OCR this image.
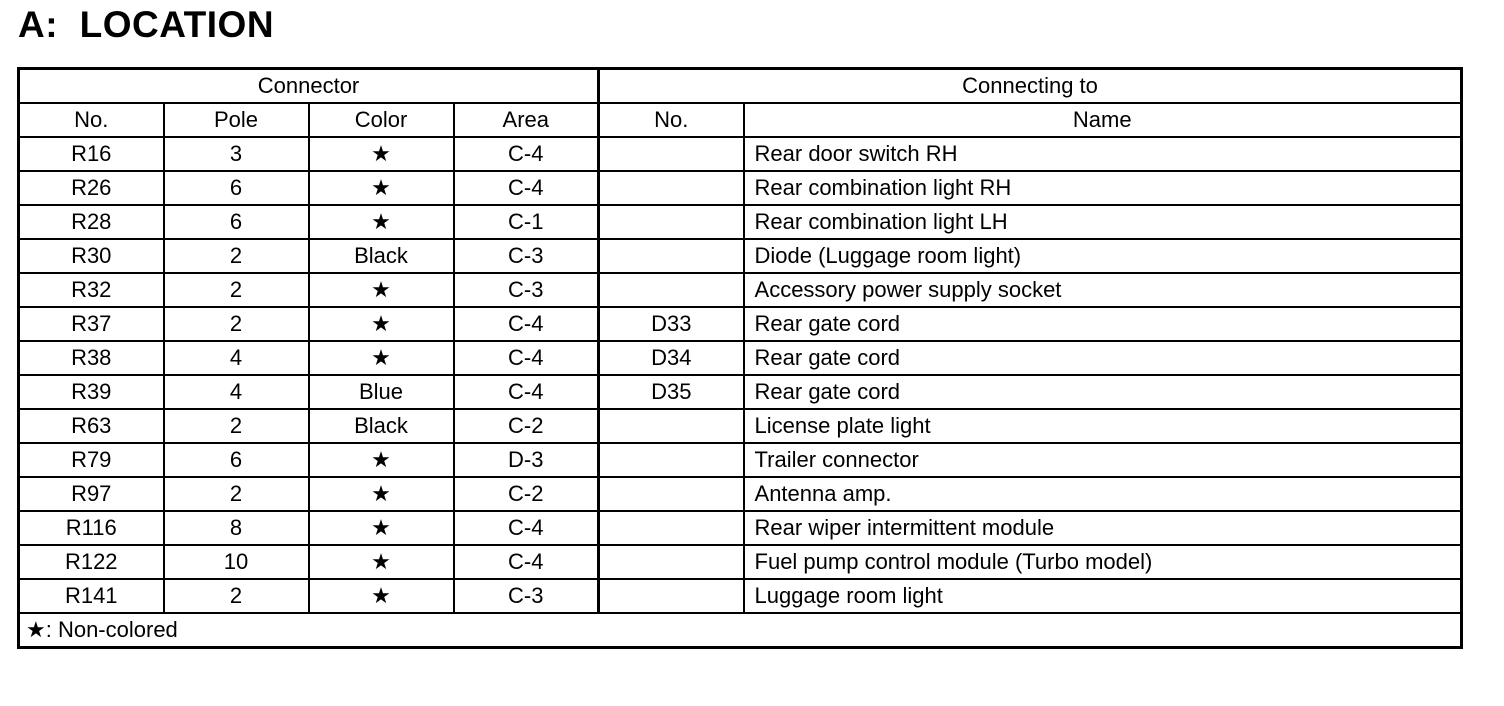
A:  LOCATION
Connector				Connecting to	
No.	Pole	Color	Area	No.	Name
R16	3	★	C-4		Rear door switch RH
R26	6	★	C-4		Rear combination light RH
R28	6	★	C-1		Rear combination light LH
R30	2	Black	C-3		Diode (Luggage room light)
R32	2	★	C-3		Accessory power supply socket
R37	2	★	C-4	D33	Rear gate cord
R38	4	★	C-4	D34	Rear gate cord
R39	4	Blue	C-4	D35	Rear gate cord
R63	2	Black	C-2		License plate light
R79	6	★	D-3		Trailer connector
R97	2	★	C-2		Antenna amp.
R116	8	★	C-4		Rear wiper intermittent module
R122	10	★	C-4		Fuel pump control module (Turbo model)
R141	2	★	C-3		Luggage room light
★: Non-colored					
